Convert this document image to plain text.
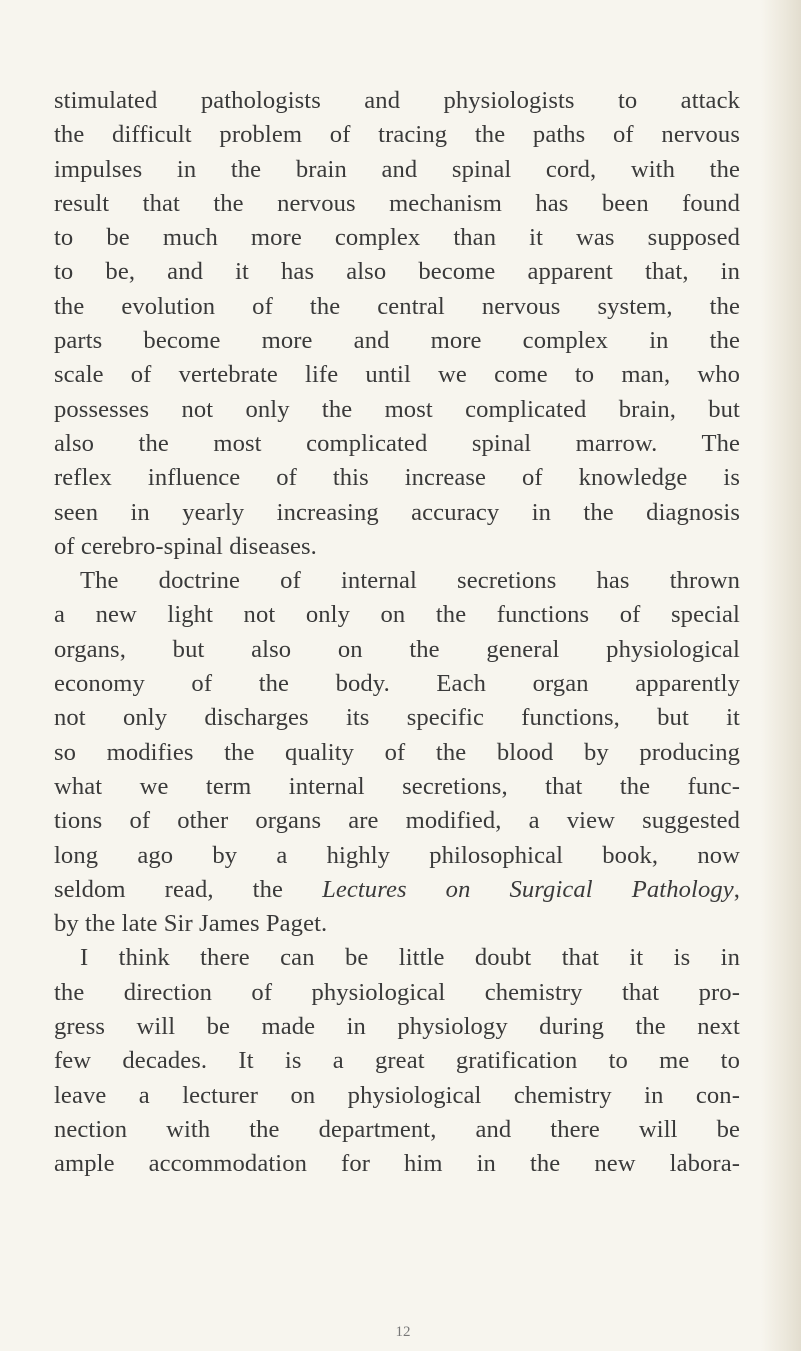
stimulated pathologists and physiologists to attack
the difficult problem of tracing the paths of nervous
impulses in the brain and spinal cord, with the
result that the nervous mechanism has been found
to be much more complex than it was supposed
to be, and it has also become apparent that, in
the evolution of the central nervous system, the
parts become more and more complex in the
scale of vertebrate life until we come to man, who
possesses not only the most complicated brain, but
also the most complicated spinal marrow. The
reflex influence of this increase of knowledge is
seen in yearly increasing accuracy in the diagnosis
of cerebro-spinal diseases.
The doctrine of internal secretions has thrown
a new light not only on the functions of special
organs, but also on the general physiological
economy of the body. Each organ apparently
not only discharges its specific functions, but it
so modifies the quality of the blood by producing
what we term internal secretions, that the func-
tions of other organs are modified, a view suggested
long ago by a highly philosophical book, now
seldom read, the Lectures on Surgical Pathology,
by the late Sir James Paget.
I think there can be little doubt that it is in
the direction of physiological chemistry that pro-
gress will be made in physiology during the next
few decades. It is a great gratification to me to
leave a lecturer on physiological chemistry in con-
nection with the department, and there will be
ample accommodation for him in the new labora-
12
